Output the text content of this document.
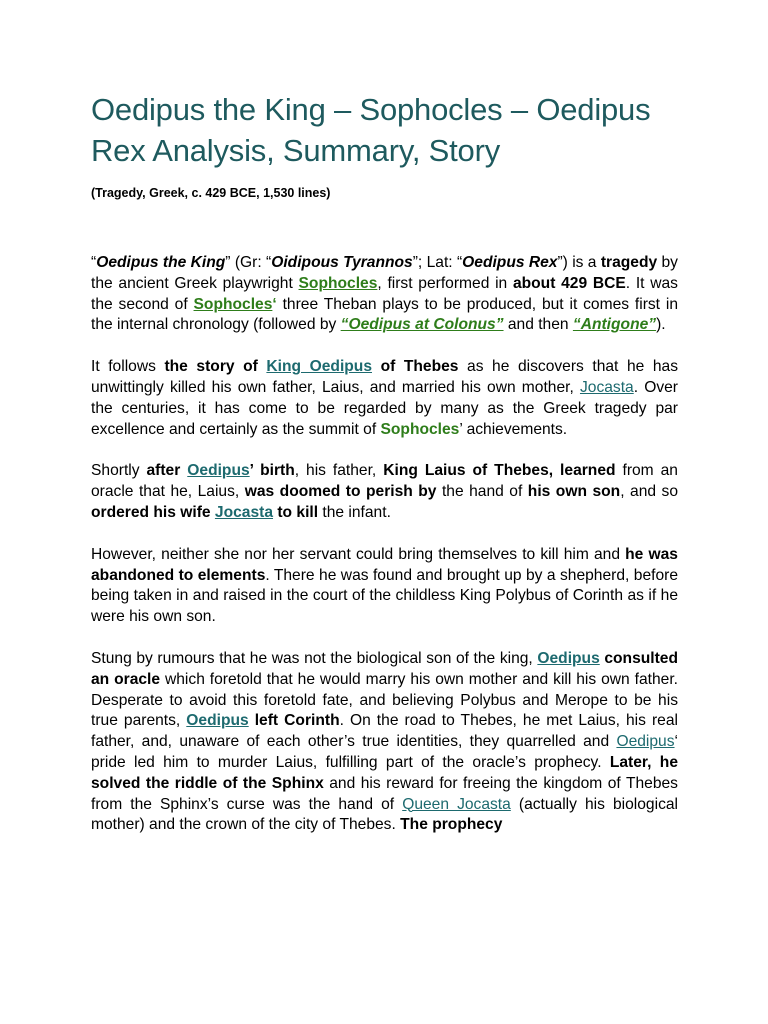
Oedipus the King – Sophocles – Oedipus Rex Analysis, Summary, Story
(Tragedy, Greek, c. 429 BCE, 1,530 lines)

“Oedipus the King” (Gr: “Oidipous Tyrannos”; Lat: “Oedipus Rex”) is a tragedy by the ancient Greek playwright Sophocles, first performed in about 429 BCE. It was the second of Sophocles‘ three Theban plays to be produced, but it comes first in the internal chronology (followed by “Oedipus at Colonus” and then “Antigone”).

It follows the story of King Oedipus of Thebes as he discovers that he has unwittingly killed his own father, Laius, and married his own mother, Jocasta. Over the centuries, it has come to be regarded by many as the Greek tragedy par excellence and certainly as the summit of Sophocles’ achievements.

Shortly after Oedipus’ birth, his father, King Laius of Thebes, learned from an oracle that he, Laius, was doomed to perish by the hand of his own son, and so ordered his wife Jocasta to kill the infant.

However, neither she nor her servant could bring themselves to kill him and he was abandoned to elements. There he was found and brought up by a shepherd, before being taken in and raised in the court of the childless King Polybus of Corinth as if he were his own son.

Stung by rumours that he was not the biological son of the king, Oedipus consulted an oracle which foretold that he would marry his own mother and kill his own father. Desperate to avoid this foretold fate, and believing Polybus and Merope to be his true parents, Oedipus left Corinth. On the road to Thebes, he met Laius, his real father, and, unaware of each other’s true identities, they quarrelled and Oedipus‘ pride led him to murder Laius, fulfilling part of the oracle’s prophecy. Later, he solved the riddle of the Sphinx and his reward for freeing the kingdom of Thebes from the Sphinx’s curse was the hand of Queen Jocasta (actually his biological mother) and the crown of the city of Thebes. The prophecy
